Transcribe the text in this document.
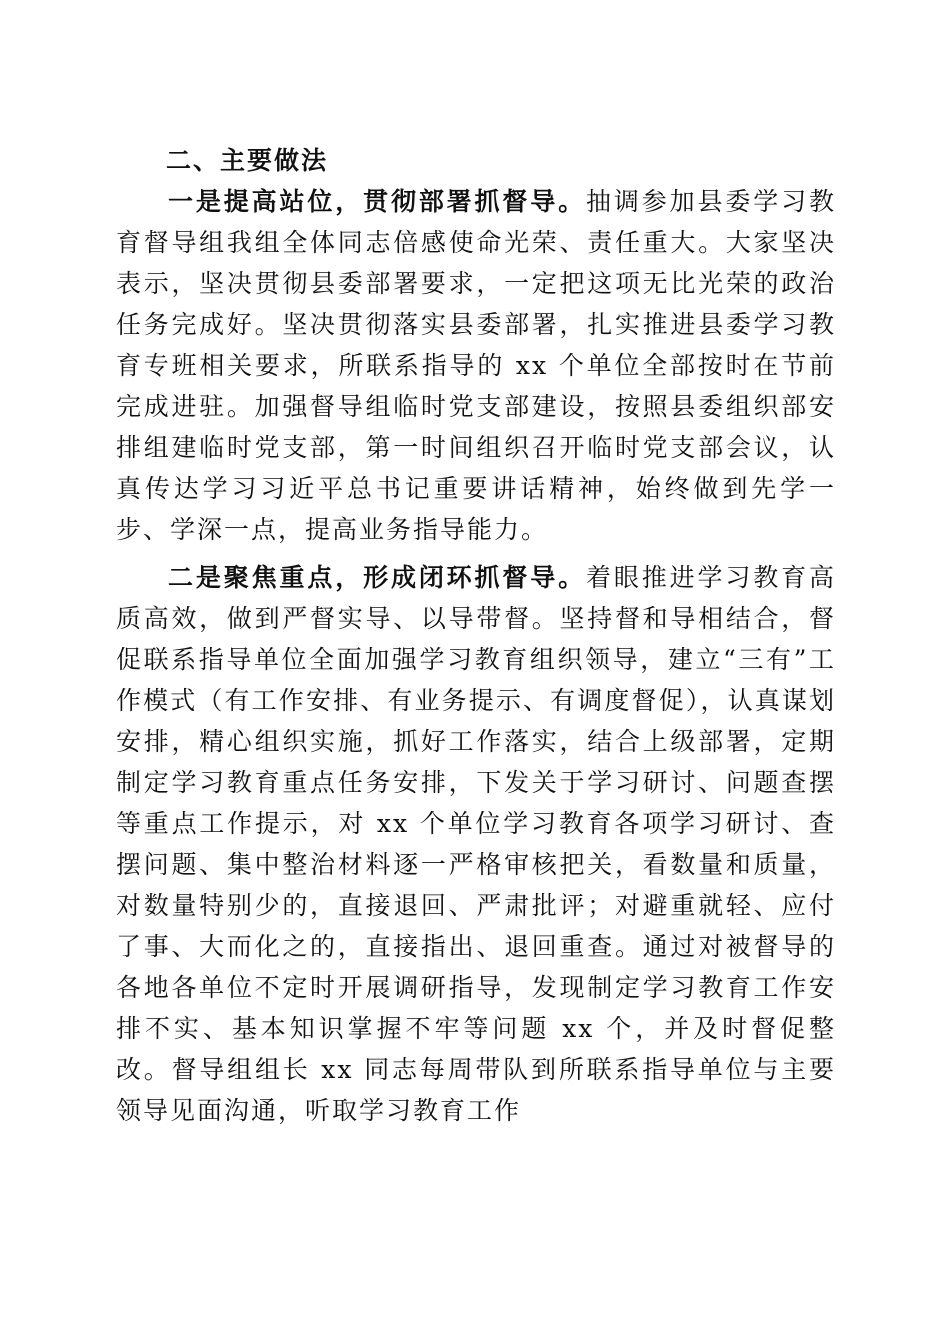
二、主要做法

一是提高站位，贯彻部署抓督导。抽调参加县委学习教育督导组我组全体同志倍感使命光荣、责任重大。大家坚决表示，坚决贯彻县委部署要求，一定把这项无比光荣的政治任务完成好。坚决贯彻落实县委部署，扎实推进县委学习教育专班相关要求，所联系指导的 xx 个单位全部按时在节前完成进驻。加强督导组临时党支部建设，按照县委组织部安排组建临时党支部，第一时间组织召开临时党支部会议，认真传达学习习近平总书记重要讲话精神，始终做到先学一步、学深一点，提高业务指导能力。

二是聚焦重点，形成闭环抓督导。着眼推进学习教育高质高效，做到严督实导、以导带督。坚持督和导相结合，督促联系指导单位全面加强学习教育组织领导，建立“三有”工作模式（有工作安排、有业务提示、有调度督促），认真谋划安排，精心组织实施，抓好工作落实，结合上级部署，定期制定学习教育重点任务安排，下发关于学习研讨、问题查摆等重点工作提示，对 xx 个单位学习教育各项学习研讨、查摆问题、集中整治材料逐一严格审核把关，看数量和质量，对数量特别少的，直接退回、严肃批评；对避重就轻、应付了事、大而化之的，直接指出、退回重查。通过对被督导的各地各单位不定时开展调研指导，发现制定学习教育工作安排不实、基本知识掌握不牢等问题 xx 个，并及时督促整改。督导组组长 xx 同志每周带队到所联系指导单位与主要领导见面沟通，听取学习教育工作
